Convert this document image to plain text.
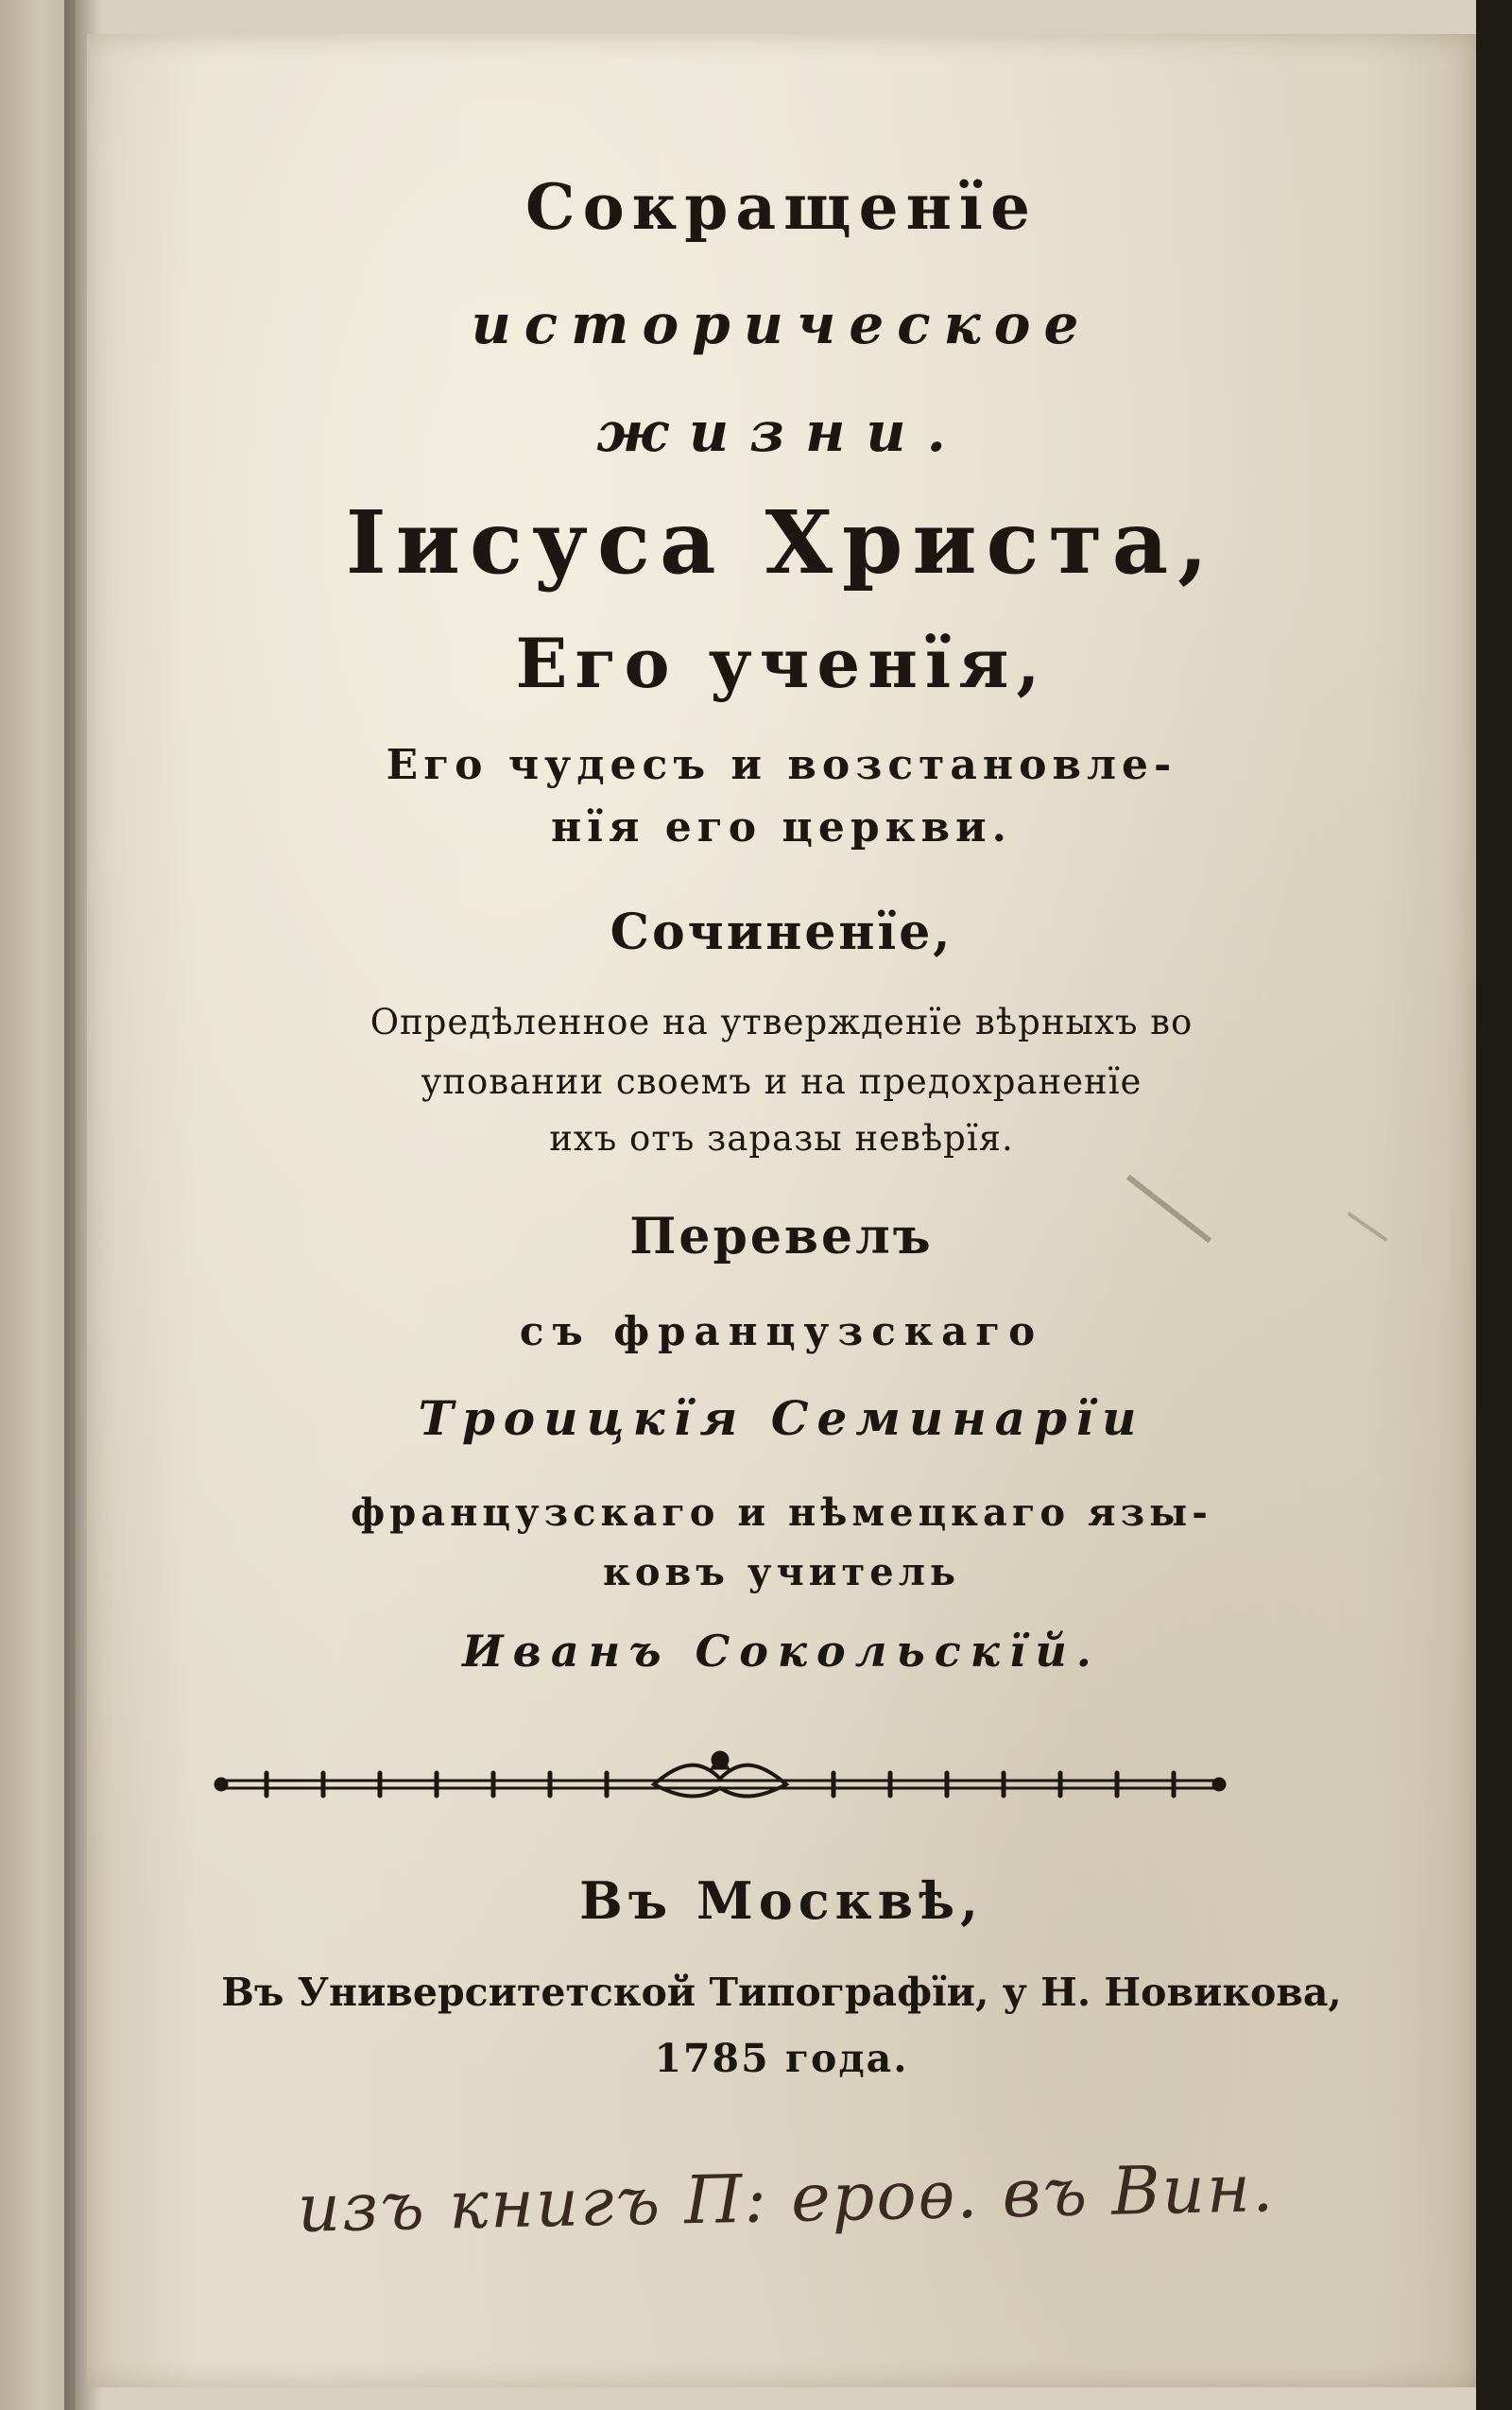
Сокращенїе
историческое
жизни.
Іисуса Христа,
Его ученїя,
Его чудесъ и возстановле-
нїя его церкви.
Сочиненїе,
Опредѣленное на утвержденїе вѣрныхъ во
уповании своемъ и на предохраненїе
ихъ отъ заразы невѣрїя.
Перевелъ
съ французскаго
Троицкїя Семинарїи
французскаго и нѣмецкаго язы-
ковъ учитель
Иванъ Сокольскїй.
Въ Москвѣ,
Въ Университетской Типографїи, у Н. Новикова,
1785 года.
изъ книгъ П: ероѳ. въ Вин.
